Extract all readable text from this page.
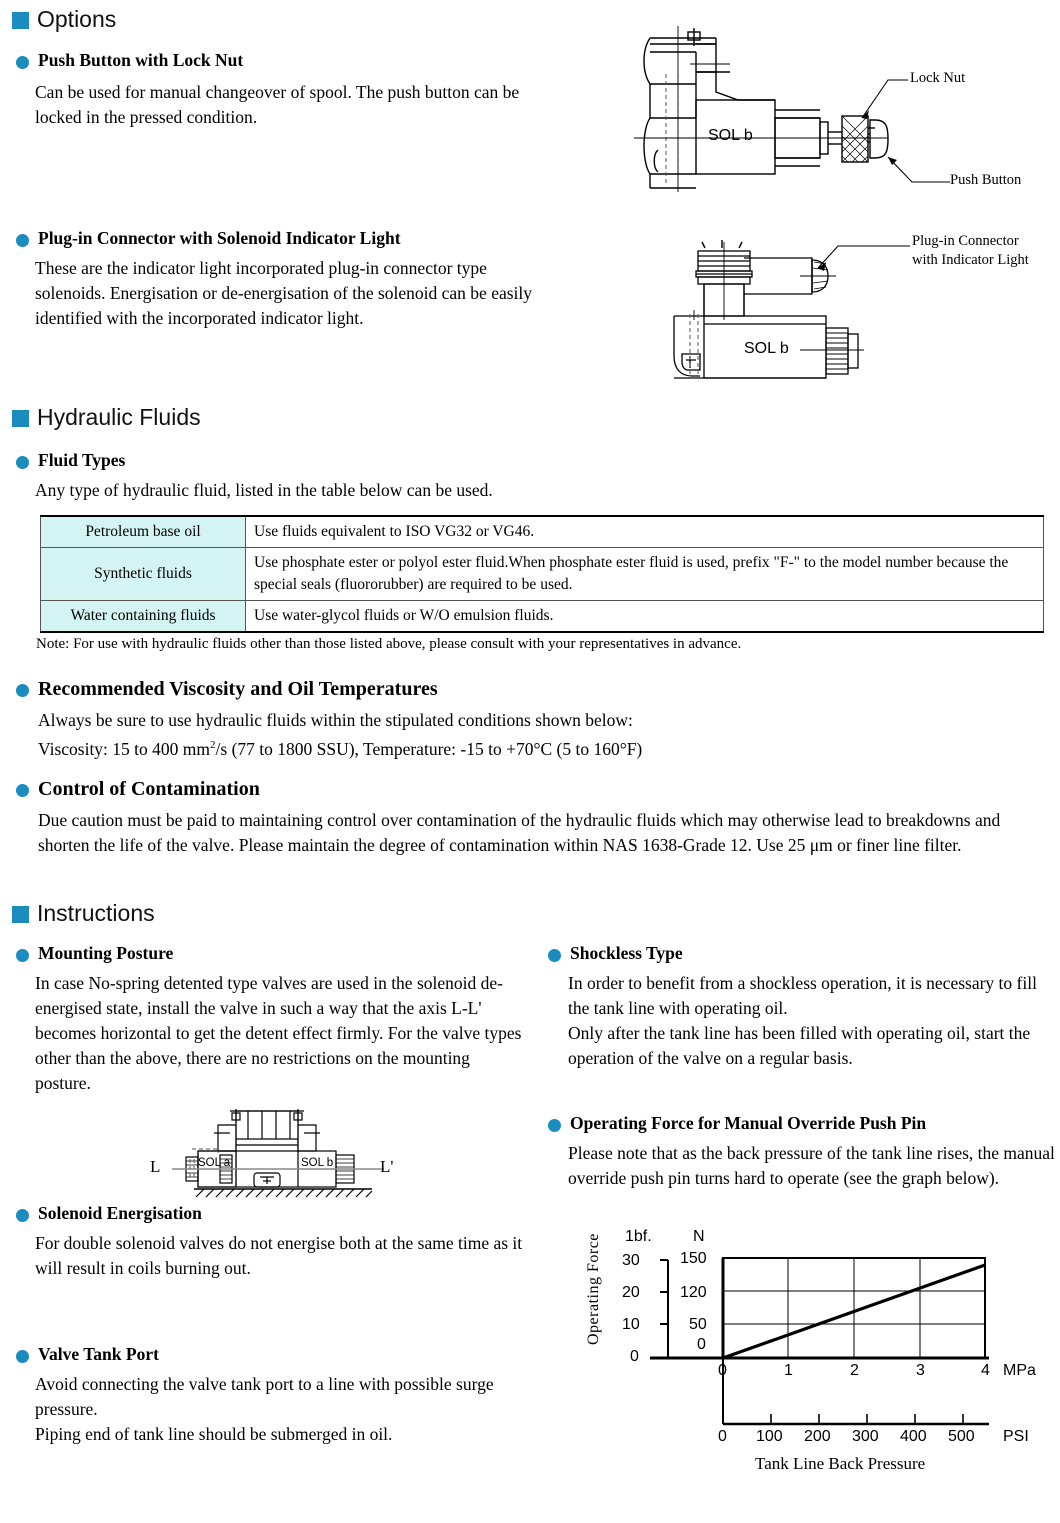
Options
Push Button with Lock Nut
Can be used for manual changeover of spool. The push button can be locked in the pressed condition.
Lock Nut
Push Button
SOL b
Plug-in Connector with Solenoid Indicator Light
These are the indicator light incorporated plug-in connector type solenoids. Energisation or de-energisation of the solenoid can be easily identified with the incorporated indicator light.
Plug-in Connector
with Indicator Light
SOL b
Hydraulic Fluids
Fluid Types
Any type of hydraulic fluid, listed in the table below can be used.
Petroleum base oil	Use fluids equivalent to ISO VG32 or VG46.
Synthetic fluids	Use phosphate ester or polyol ester fluid.When phosphate ester fluid is used, prefix "F-" to the model number because the special seals (fluororubber) are required to be used.
Water containing fluids	Use water-glycol fluids or W/O emulsion fluids.
Note: For use with hydraulic fluids other than those listed above, please consult with your representatives in advance.
Recommended Viscosity and Oil Temperatures
Always be sure to use hydraulic fluids within the stipulated conditions shown below:
Viscosity: 15 to 400 $mm^2/s$ (77 to 1800 SSU), Temperature: -15 to +70°C (5 to 160°F)
Control of Contamination
Due caution must be paid to maintaining control over contamination of the hydraulic fluids which may otherwise lead to breakdowns and shorten the life of the valve. Please maintain the degree of contamination within NAS 1638-Grade 12. Use 25 μm or finer line filter.
Instructions
Mounting Posture
In case No-spring detented type valves are used in the solenoid de-energised state, install the valve in such a way that the axis L-L' becomes horizontal to get the detent effect firmly. For the valve types other than the above, there are no restrictions on the mounting posture.
L	L'
SOL a	SOL b
Solenoid Energisation
For double solenoid valves do not energise both at the same time as it will result in coils burning out.
Valve Tank Port
Avoid connecting the valve tank port to a line with possible surge pressure.
Piping end of tank line should be submerged in oil.
Shockless Type
In order to benefit from a shockless operation, it is necessary to fill the tank line with operating oil.
Only after the tank line has been filled with operating oil, start the operation of the valve on a regular basis.
Operating Force for Manual Override Push Pin
Please note that as the back pressure of the tank line rises, the manual override push pin turns hard to operate (see the graph below).
Operating Force 1bf.	N
30
20
10
0
150
120
50
0
0	1	2	3	4 MPa
0 100 200 300 400 500 PSI
Tank Line Back Pressure
